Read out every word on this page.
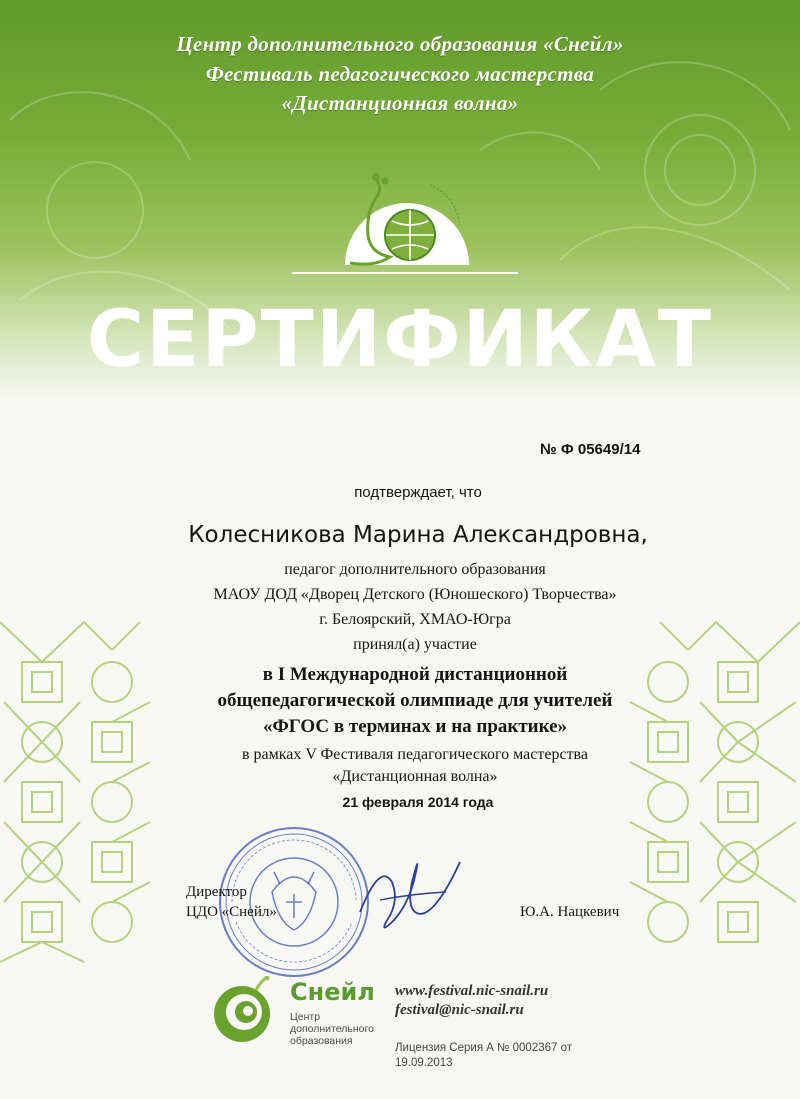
Центр дополнительного образования «Снейл»
Фестиваль педагогического мастерства
«Дистанционная волна»
СЕРТИФИКАТ
№ Ф 05649/14
подтверждает, что
Колесникова Марина Александровна,
педагог дополнительного образования
МАОУ ДОД «Дворец Детского (Юношеского) Творчества»
г. Белоярский, ХМАО-Югра
принял(а) участие
в I Международной дистанционной
общепедагогической олимпиаде для учителей
«ФГОС в терминах и на практике»
в рамках V Фестиваля педагогического мастерства
«Дистанционная волна»
21 февраля 2014 года
Директор
ЦДО «Снейл»	Ю.А. Нацкевич
Снейл
Центр
дополнительного
образования
www.festival.nic-snail.ru
festival@nic-snail.ru
Лицензия Серия А № 0002367 от
19.09.2013
